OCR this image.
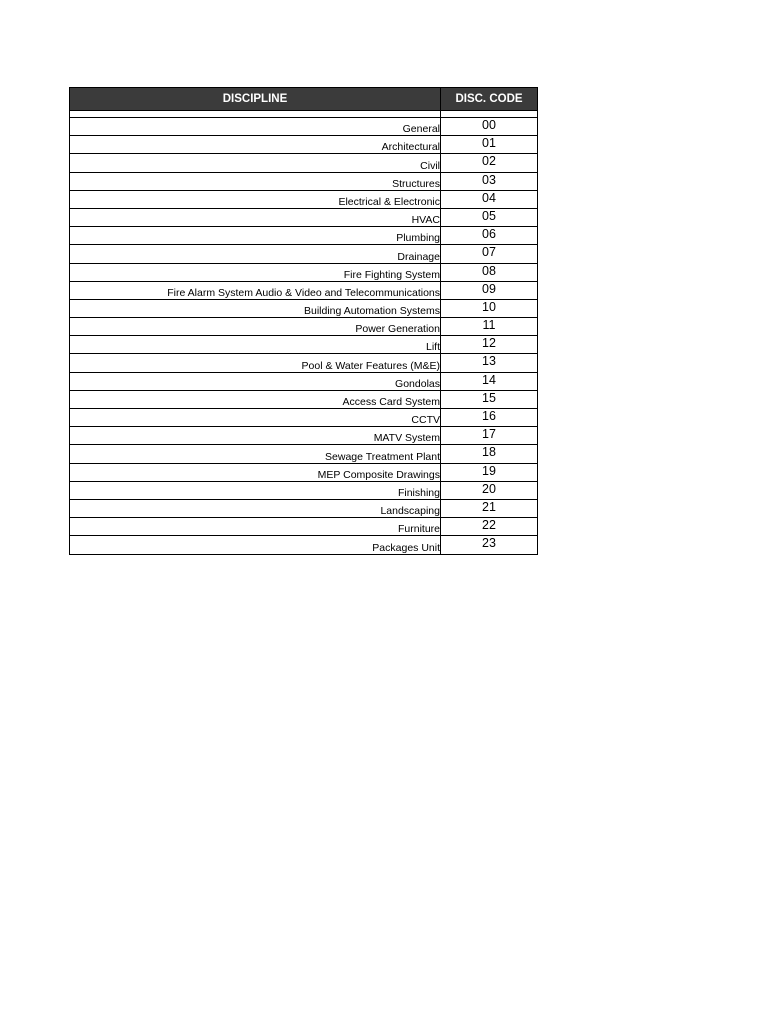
DISCIPLINE	DISC. CODE

General	00
Architectural	01
Civil	02
Structures	03
Electrical & Electronic	04
HVAC	05
Plumbing	06
Drainage	07
Fire Fighting System	08
Fire Alarm System Audio & Video and Telecommunications	09
Building Automation Systems	10
Power Generation	11
Lift	12
Pool & Water Features (M&E)	13
Gondolas	14
Access Card System	15
CCTV	16
MATV System	17
Sewage Treatment Plant	18
MEP Composite Drawings	19
Finishing	20
Landscaping	21
Furniture	22
Packages Unit	23
